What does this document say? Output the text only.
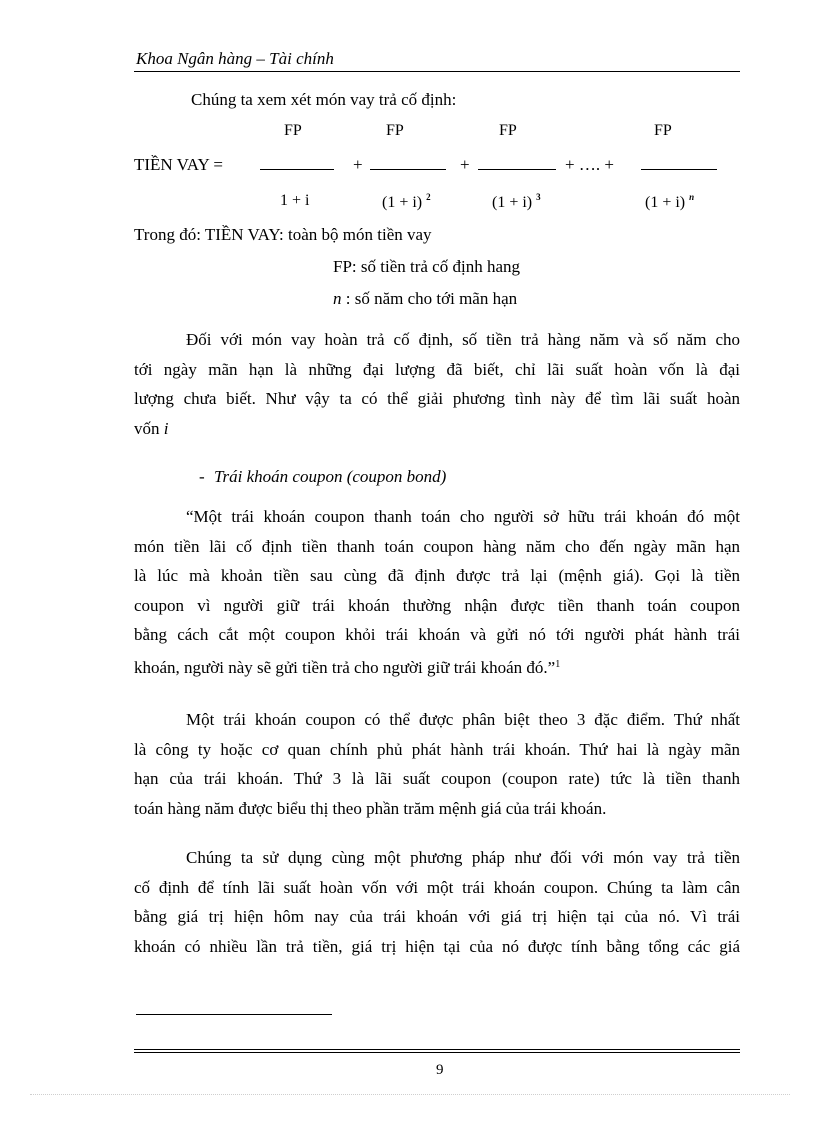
Khoa Ngân hàng – Tài chính
Chúng ta xem xét món vay trả cố định:
FP	FP	FP	FP
TIỀN VAY =	+	+	+ …. +
1 + i	(1 + i) $^2$	(1 + i) $^3$	(1 + i) $^n$
Trong đó: TIỀN VAY: toàn bộ món tiền vay
FP: số tiền trả cố định hang
n : số năm cho tới mãn hạn
Đối với món vay hoàn trả cố định, số tiền trả hàng năm và số năm cho
tới ngày mãn hạn là những đại lượng đã biết, chỉ lãi suất hoàn vốn là đại
lượng chưa biết. Như vậy ta có thể giải phương tình này để tìm lãi suất hoàn
vốn i
- Trái khoán coupon (coupon bond)
“Một trái khoán coupon thanh toán cho người sở hữu trái khoán đó một
món tiền lãi cố định tiền thanh toán coupon hàng năm cho đến ngày mãn hạn
là lúc mà khoản tiền sau cùng đã định được trả lại (mệnh giá). Gọi là tiền
coupon vì người giữ trái khoán thường nhận được tiền thanh toán coupon
bằng cách cắt một coupon khỏi trái khoán và gửi nó tới người phát hành trái
khoán, người này sẽ gửi tiền trả cho người giữ trái khoán đó.”$^1$
Một trái khoán coupon có thể được phân biệt theo 3 đặc điểm. Thứ nhất
là công ty hoặc cơ quan chính phủ phát hành trái khoán. Thứ hai là ngày mãn
hạn của trái khoán. Thứ 3 là lãi suất coupon (coupon rate) tức là tiền thanh
toán hàng năm được biểu thị theo phần trăm mệnh giá của trái khoán.
Chúng ta sử dụng cùng một phương pháp như đối với món vay trả tiền
cố định để tính lãi suất hoàn vốn với một trái khoán coupon. Chúng ta làm cân
bằng giá trị hiện hôm nay của trái khoán với giá trị hiện tại của nó. Vì trái
khoán có nhiều lần trả tiền, giá trị hiện tại của nó được tính bằng tổng các giá
9
